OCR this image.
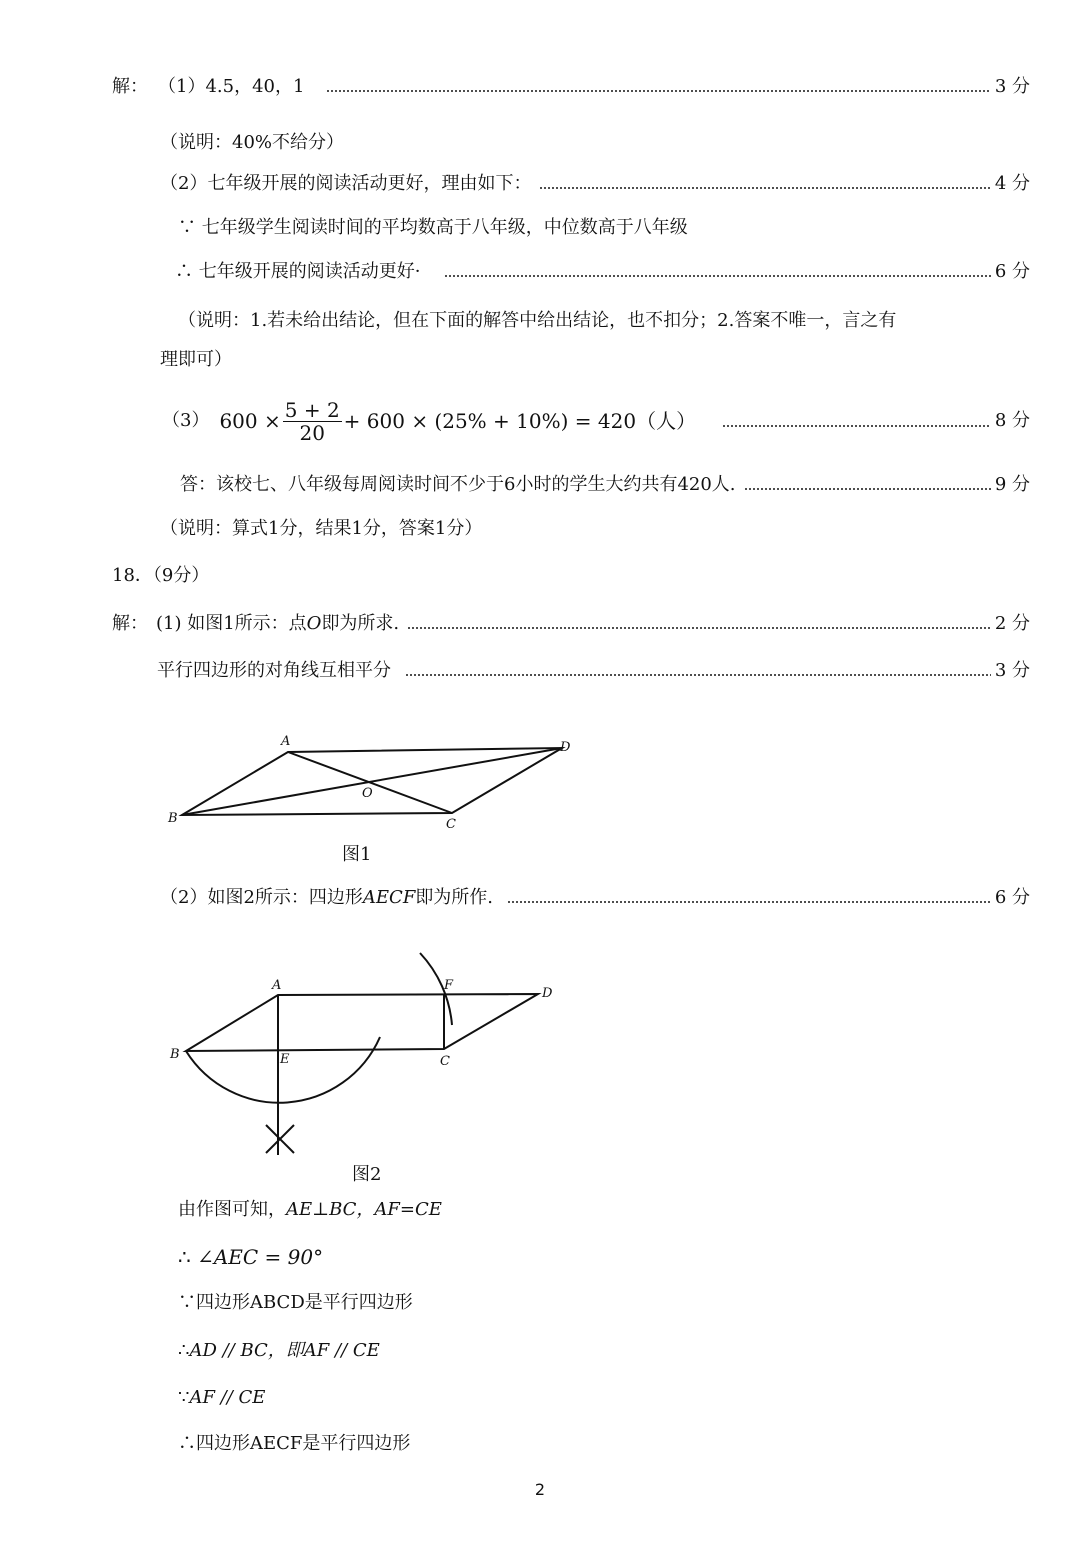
解： （1）4.5，40，1	3 分
（说明：40%不给分）
（2）七年级开展的阅读活动更好，理由如下：	4 分
∵ 七年级学生阅读时间的平均数高于八年级，中位数高于八年级
∴ 七年级开展的阅读活动更好·	6 分
（说明：1.若未给出结论，但在下面的解答中给出结论，也不扣分；2.答案不唯一，言之有
理即可）
（3） $600 \times \frac{5 + 2}{20} + 600 \times (25\% + 10\%) = 420$（人）	8 分
答：该校七、八年级每周阅读时间不少于6小时的学生大约共有420人.	9 分
（说明：算式1分，结果1分，答案1分）
18．（9分）
解： (1) 如图1所示：点 O 即为所求.	2 分
平行四边形的对角线互相平分	3 分
A	D
O
B	C
图1
（2）如图2所示：四边形 AECF 即为所作.	6 分
A	F
D
B	E	C
图2
由作图可知，AE⊥BC，AF=CE
∴ ∠AEC = 90°
∵四边形ABCD是平行四边形
∴AD // BC，即AF // CE
∵AF // CE
∴四边形AECF是平行四边形
2
